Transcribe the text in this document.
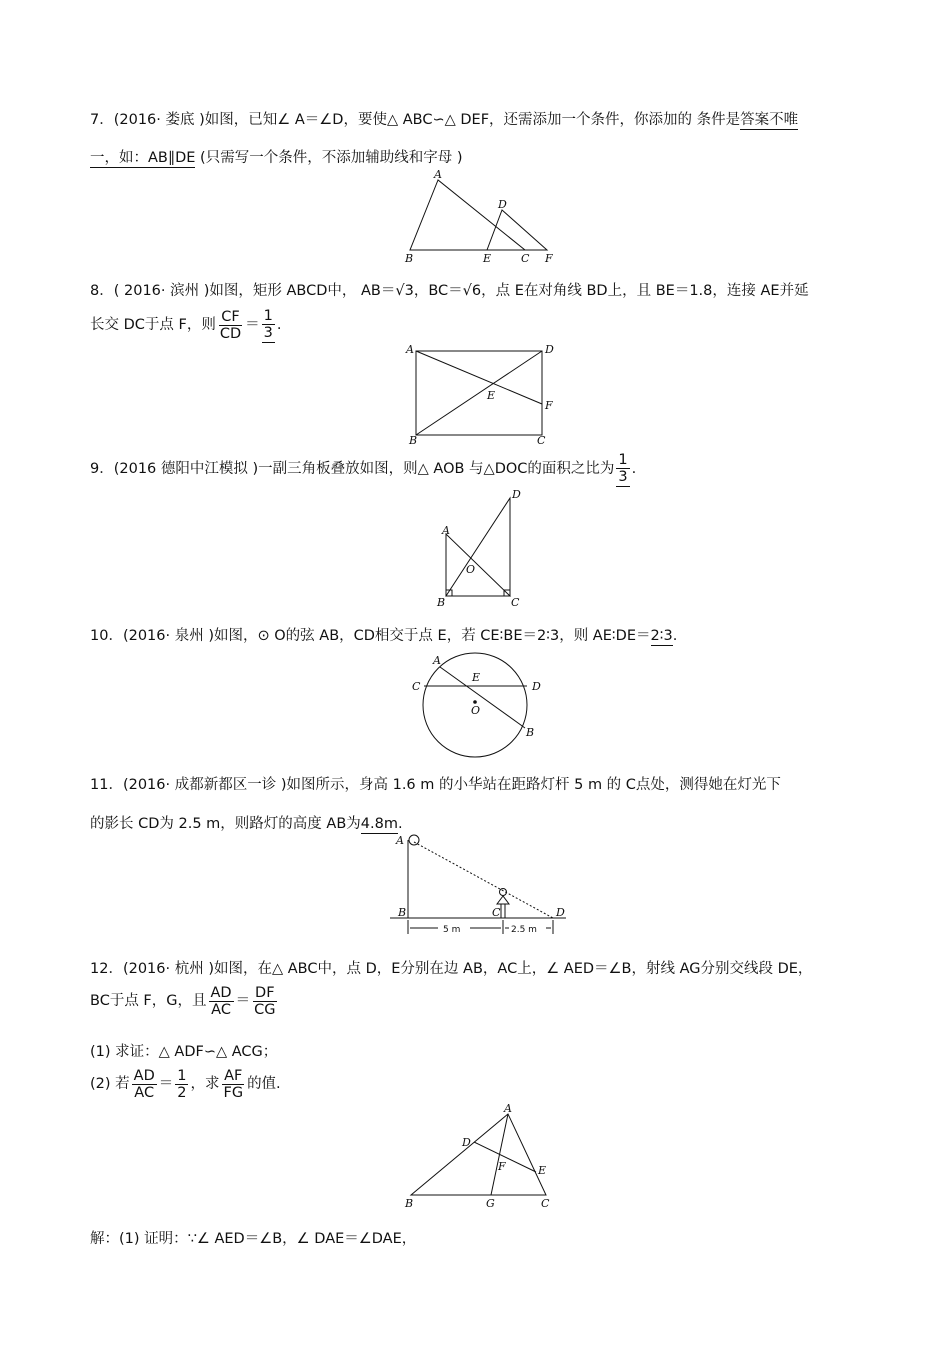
7．(2016· 娄底 )如图，已知∠ A＝∠D，要使△ ABC∽△ DEF，还需添加一个条件，你添加的 条件是答案不唯
一，如：AB∥DE (只需写一个条件，不添加辅助线和字母 )
A
D
B	E	C F
8．( 2016· 滨州 )如图，矩形 ABCD中， AB＝√3，BC＝√6，点 E在对角线 BD上，且 BE＝1.8，连接 AE并延
长交 DC于点 F，则 $\frac{CF}{CD} = \frac{1}{3}$ .
A	D
E
F
B	C
9．(2016 德阳中江模拟 )一副三角板叠放如图，则△ AOB 与△DOC的面积之比为 $\frac{1}{3}$ .
D
A
O
B	C
10．(2016· 泉州 )如图，⊙ O的弦 AB，CD相交于点 E，若 CE∶BE＝2∶3，则 AE∶DE＝2∶3.
A
E
C	D
O
B
11．(2016· 成都新都区一诊 )如图所示，身高 1.6 m 的小华站在距路灯杆 5 m 的 C点处，测得她在灯光下
的影长 CD为 2.5 m，则路灯的高度 AB为4.8m.
A
B	C	D
5 m	2.5 m
12．(2016· 杭州 )如图，在△ ABC中，点 D，E分别在边 AB，AC上，∠ AED＝∠B，射线 AG分别交线段 DE，
BC于点 F，G，且 $\frac{AD}{AC} = \frac{DF}{CG}$
(1) 求证：△ ADF∽△ ACG；
(2) 若 $\frac{AD}{AC} = \frac{1}{2}$ ，求 $\frac{AF}{FG}$ 的值.
A
D
F	E
B	G	C
解：(1) 证明：∵∠ AED＝∠B，∠ DAE＝∠DAE，
